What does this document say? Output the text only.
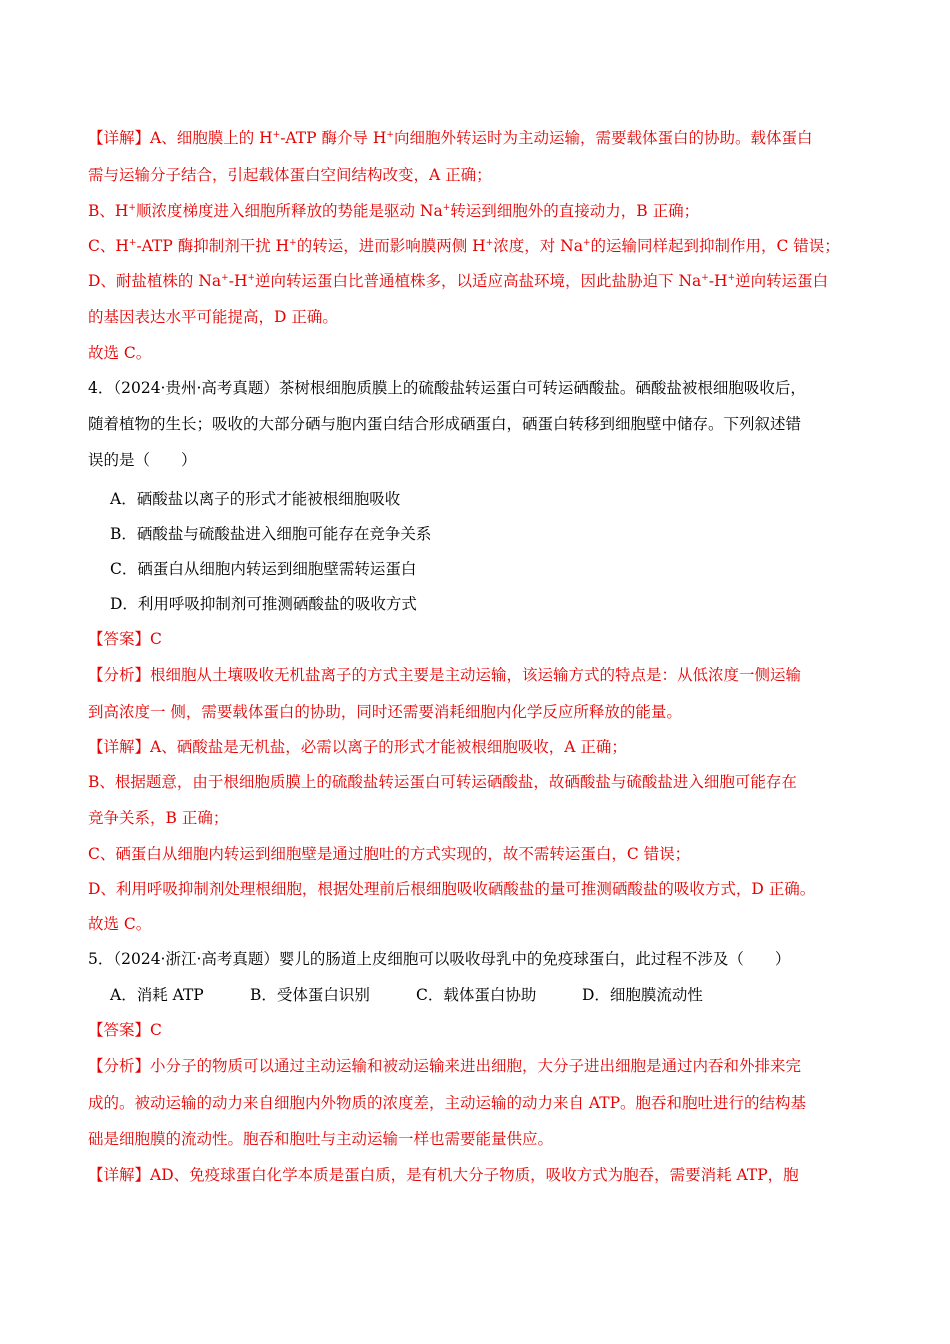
【详解】A、细胞膜上的 H+-ATP 酶介导 H+向细胞外转运时为主动运输，需要载体蛋白的协助。载体蛋白
需与运输分子结合，引起载体蛋白空间结构改变，A 正确；
B、H+顺浓度梯度进入细胞所释放的势能是驱动 Na+转运到细胞外的直接动力，B 正确；
C、H+-ATP 酶抑制剂干扰 H+的转运，进而影响膜两侧 H+浓度，对 Na+的运输同样起到抑制作用，C 错误；
D、耐盐植株的 Na+-H+逆向转运蛋白比普通植株多，以适应高盐环境，因此盐胁迫下 Na+-H+逆向转运蛋白
的基因表达水平可能提高，D 正确。
故选 C。
4．（2024·贵州·高考真题）茶树根细胞质膜上的硫酸盐转运蛋白可转运硒酸盐。硒酸盐被根细胞吸收后，
随着植物的生长；吸收的大部分硒与胞内蛋白结合形成硒蛋白，硒蛋白转移到细胞壁中储存。下列叙述错
误的是（　　）
A．硒酸盐以离子的形式才能被根细胞吸收
B．硒酸盐与硫酸盐进入细胞可能存在竞争关系
C．硒蛋白从细胞内转运到细胞壁需转运蛋白
D．利用呼吸抑制剂可推测硒酸盐的吸收方式
【答案】C
【分析】根细胞从土壤吸收无机盐离子的方式主要是主动运输，该运输方式的特点是：从低浓度一侧运输
到高浓度一 侧，需要载体蛋白的协助，同时还需要消耗细胞内化学反应所释放的能量。
【详解】A、硒酸盐是无机盐，必需以离子的形式才能被根细胞吸收，A 正确；
B、根据题意，由于根细胞质膜上的硫酸盐转运蛋白可转运硒酸盐，故硒酸盐与硫酸盐进入细胞可能存在
竞争关系，B 正确；
C、硒蛋白从细胞内转运到细胞壁是通过胞吐的方式实现的，故不需转运蛋白，C 错误；
D、利用呼吸抑制剂处理根细胞，根据处理前后根细胞吸收硒酸盐的量可推测硒酸盐的吸收方式，D 正确。
故选 C。
5．（2024·浙江·高考真题）婴儿的肠道上皮细胞可以吸收母乳中的免疫球蛋白，此过程不涉及（　　）
A．消耗 ATP	B．受体蛋白识别	C．载体蛋白协助	D．细胞膜流动性
【答案】C
【分析】小分子的物质可以通过主动运输和被动运输来进出细胞，大分子进出细胞是通过内吞和外排来完
成的。被动运输的动力来自细胞内外物质的浓度差，主动运输的动力来自 ATP。胞吞和胞吐进行的结构基
础是细胞膜的流动性。胞吞和胞吐与主动运输一样也需要能量供应。
【详解】AD、免疫球蛋白化学本质是蛋白质，是有机大分子物质，吸收方式为胞吞，需要消耗 ATP，胞
